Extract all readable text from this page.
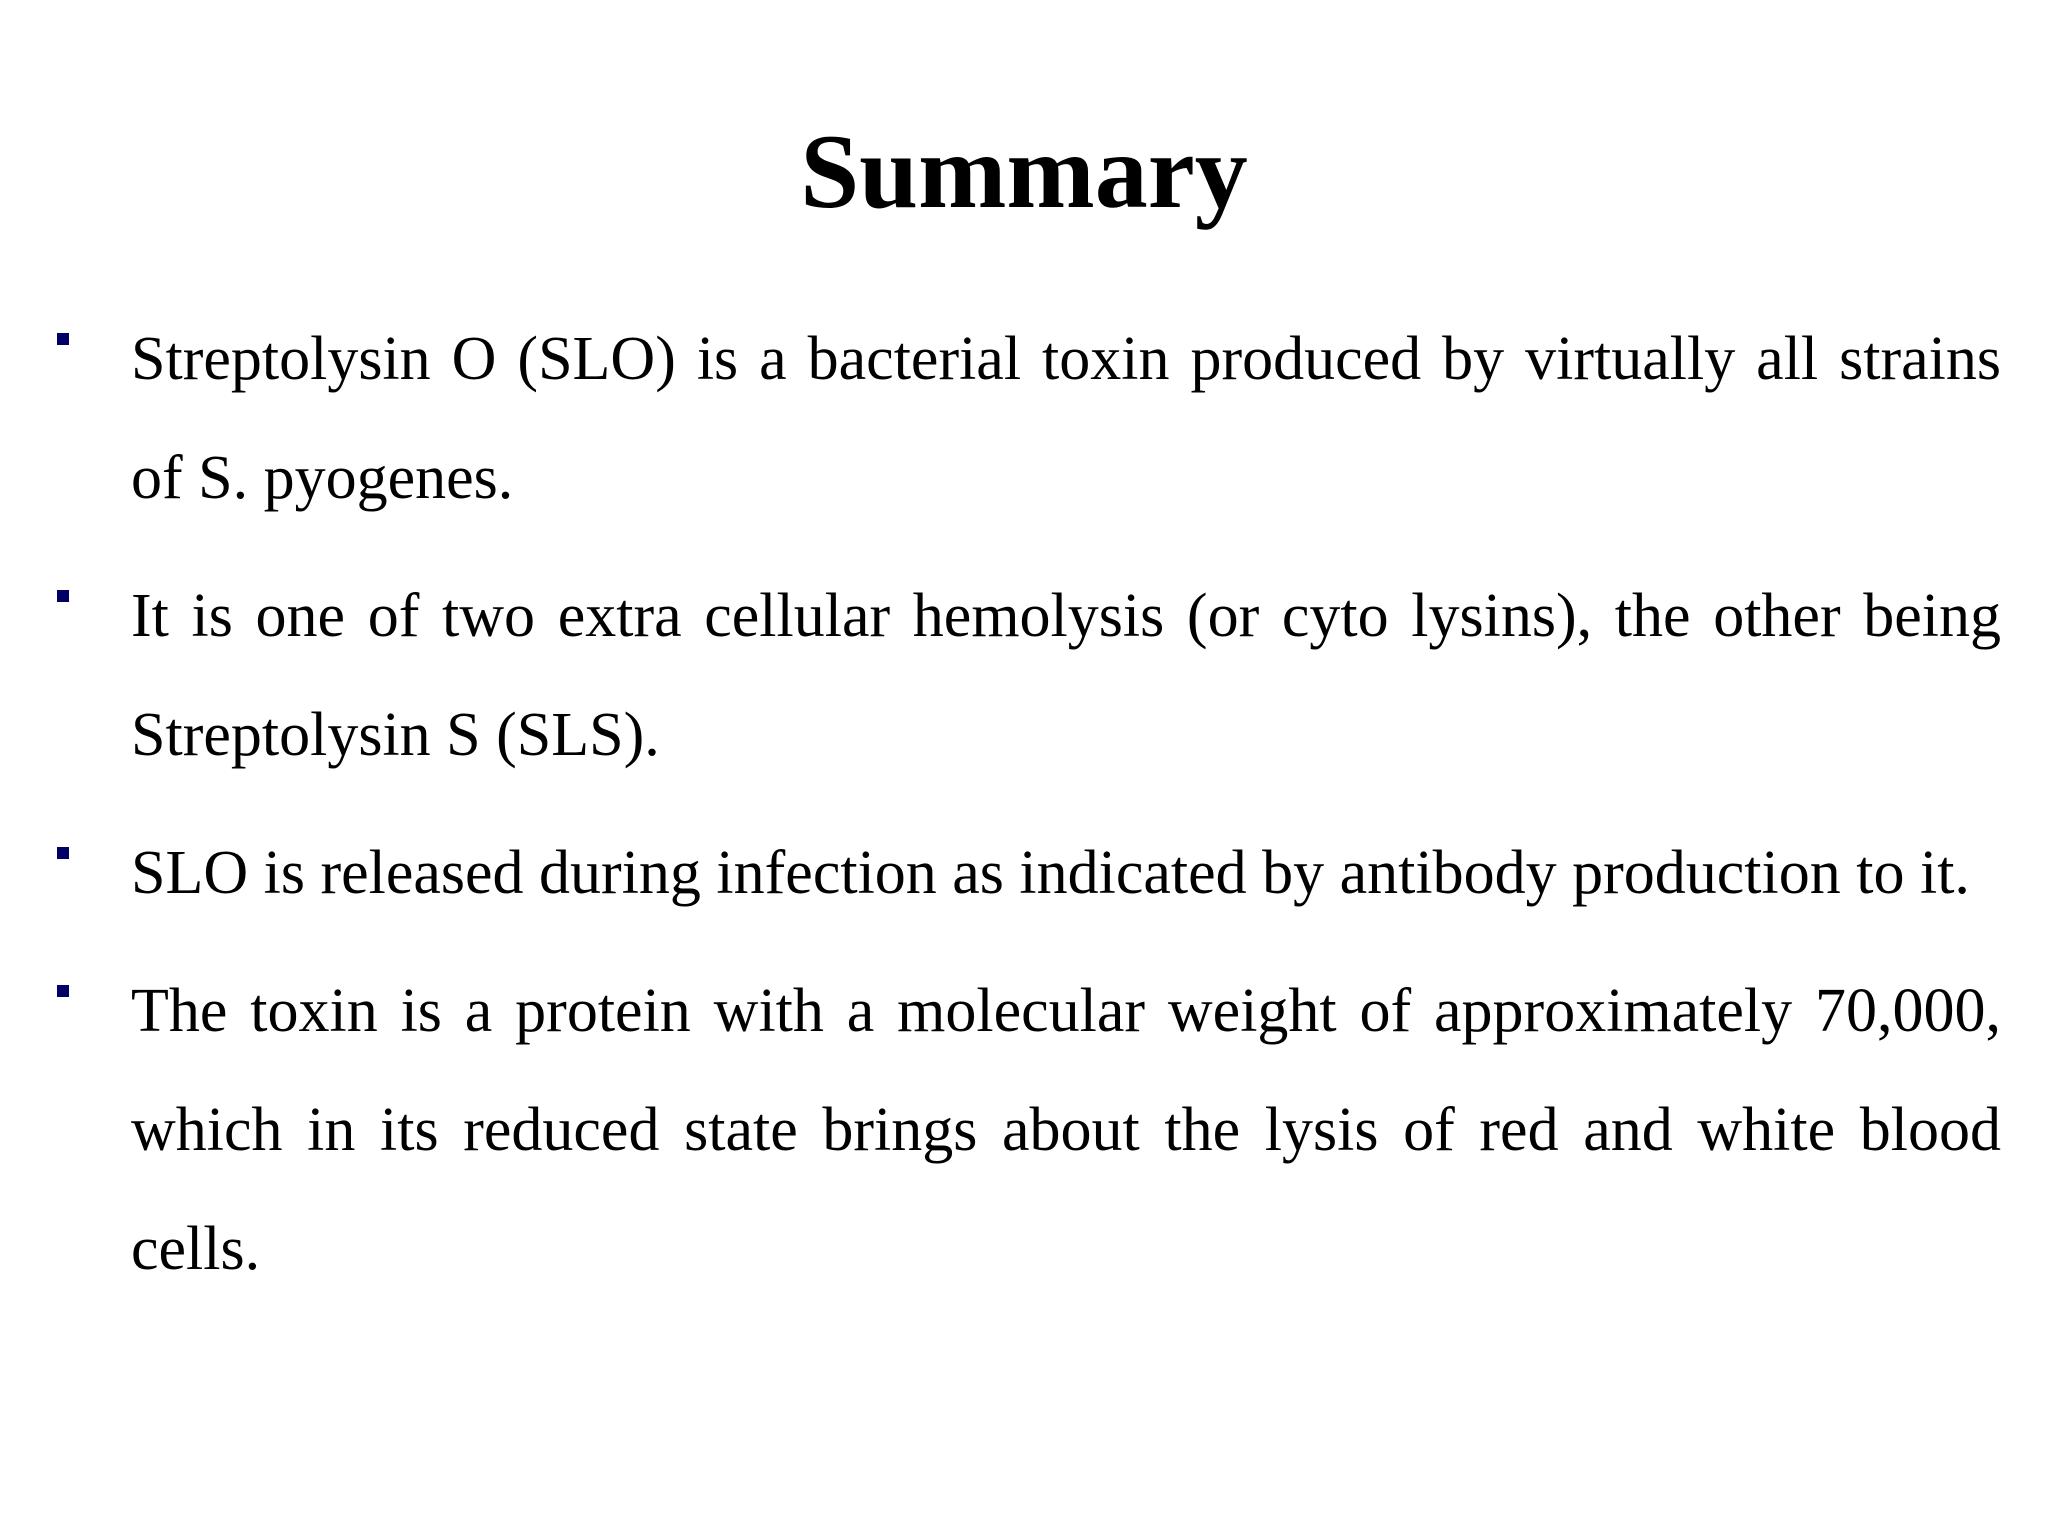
Summary
Streptolysin O (SLO) is a bacterial toxin produced by virtually all strains of S. pyogenes.
It is one of two extra cellular hemolysis (or cyto lysins), the other being Streptolysin S (SLS).
SLO is released during infection as indicated by antibody production to it.
The toxin is a protein with a molecular weight of approximately 70,000, which in its reduced state brings about the lysis of red and white blood cells.
